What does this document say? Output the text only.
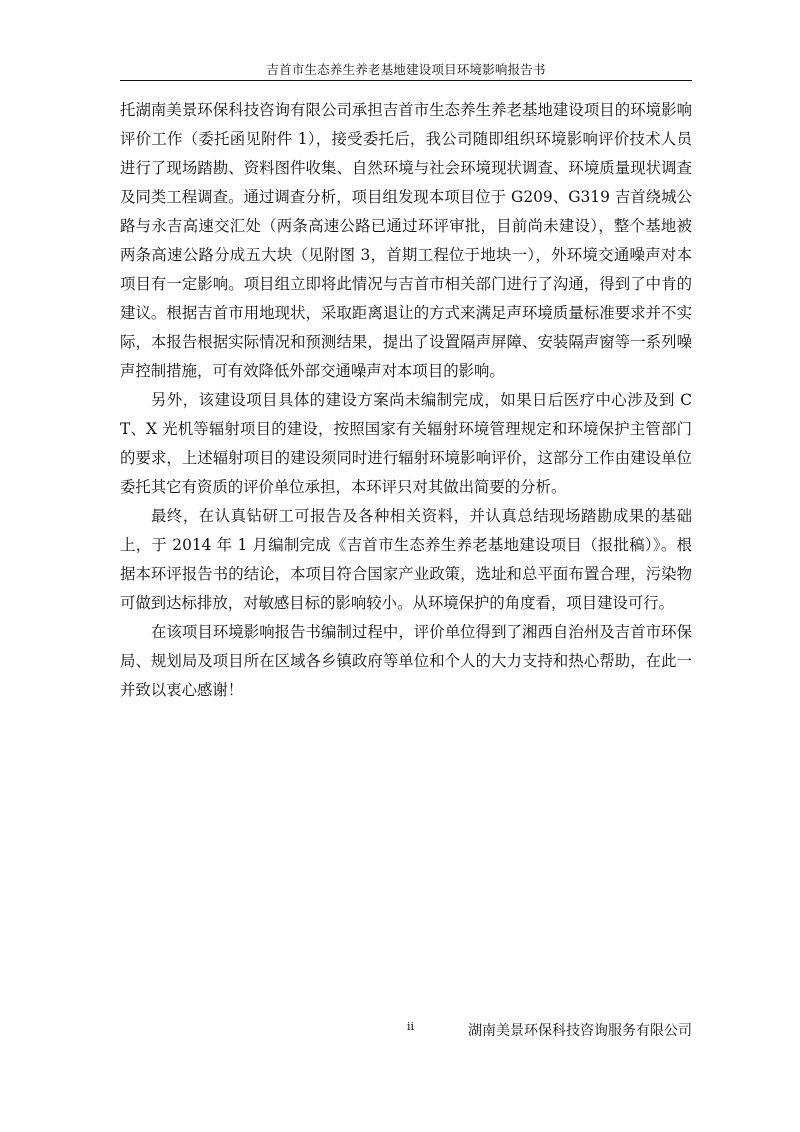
吉首市生态养生养老基地建设项目环境影响报告书

托湖南美景环保科技咨询有限公司承担吉首市生态养生养老基地建设项目的环境影响评价工作（委托函见附件 1），接受委托后，我公司随即组织环境影响评价技术人员进行了现场踏勘、资料图件收集、自然环境与社会环境现状调查、环境质量现状调查及同类工程调查。通过调查分析，项目组发现本项目位于 G209、G319 吉首绕城公路与永吉高速交汇处（两条高速公路已通过环评审批，目前尚未建设），整个基地被两条高速公路分成五大块（见附图 3，首期工程位于地块一），外环境交通噪声对本项目有一定影响。项目组立即将此情况与吉首市相关部门进行了沟通，得到了中肯的建议。根据吉首市用地现状，采取距离退让的方式来满足声环境质量标准要求并不实际，本报告根据实际情况和预测结果，提出了设置隔声屏障、安装隔声窗等一系列噪声控制措施，可有效降低外部交通噪声对本项目的影响。

另外，该建设项目具体的建设方案尚未编制完成，如果日后医疗中心涉及到 CT、X 光机等辐射项目的建设，按照国家有关辐射环境管理规定和环境保护主管部门的要求，上述辐射项目的建设须同时进行辐射环境影响评价，这部分工作由建设单位委托其它有资质的评价单位承担，本环评只对其做出简要的分析。

最终，在认真钻研工可报告及各种相关资料，并认真总结现场踏勘成果的基础上，于 2014 年 1 月编制完成《吉首市生态养生养老基地建设项目（报批稿）》。根据本环评报告书的结论，本项目符合国家产业政策，选址和总平面布置合理，污染物可做到达标排放，对敏感目标的影响较小。从环境保护的角度看，项目建设可行。

在该项目环境影响报告书编制过程中，评价单位得到了湘西自治州及吉首市环保局、规划局及项目所在区域各乡镇政府等单位和个人的大力支持和热心帮助，在此一并致以衷心感谢！

ii	湖南美景环保科技咨询服务有限公司
